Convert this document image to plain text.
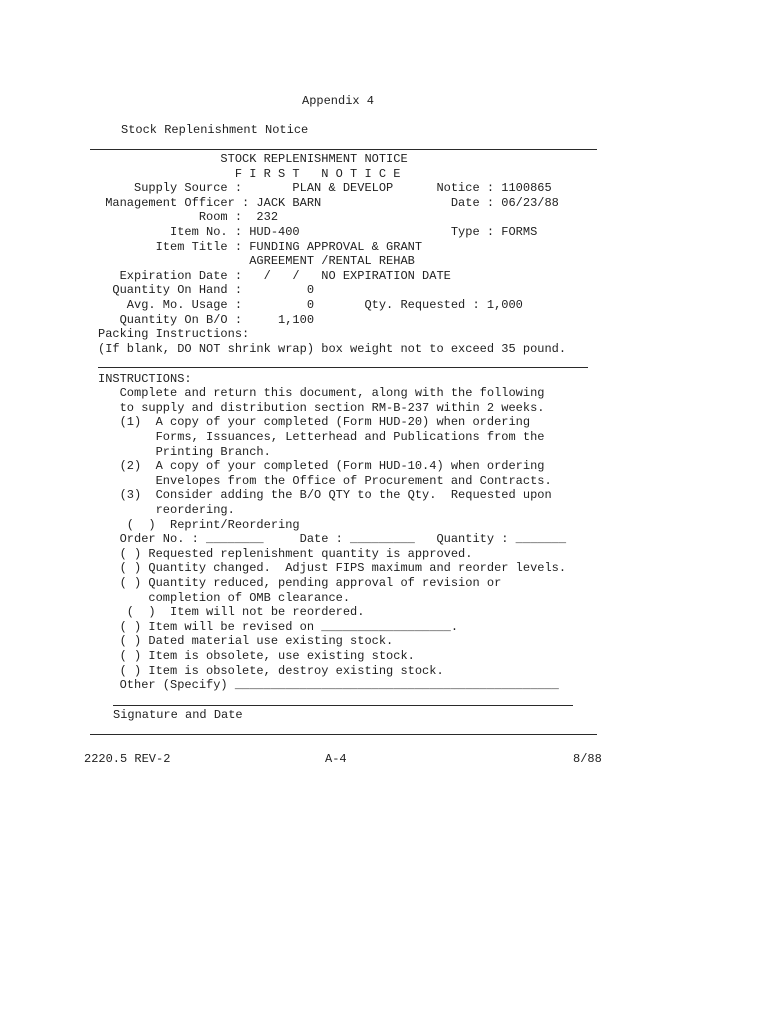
Appendix 4

Stock Replenishment Notice

STOCK REPLENISHMENT NOTICE

F I R S T   N O T I C E

Supply Source :       PLAN & DEVELOP      Notice : 1100865

Management Officer : JACK BARN                  Date : 06/23/88

Room :  232

Item No. : HUD-400                     Type : FORMS

Item Title : FUNDING APPROVAL & GRANT

AGREEMENT /RENTAL REHAB

Expiration Date :   /   /   NO EXPIRATION DATE

Quantity On Hand :         0

Avg. Mo. Usage :         0       Qty. Requested : 1,000

Quantity On B/O :     1,100

Packing Instructions:

(If blank, DO NOT shrink wrap) box weight not to exceed 35 pound.

INSTRUCTIONS:

Complete and return this document, along with the following

to supply and distribution section RM-B-237 within 2 weeks.

(1)  A copy of your completed (Form HUD-20) when ordering

Forms, Issuances, Letterhead and Publications from the

Printing Branch.

(2)  A copy of your completed (Form HUD-10.4) when ordering

Envelopes from the Office of Procurement and Contracts.

(3)  Consider adding the B/O QTY to the Qty.  Requested upon

reordering.

(  )  Reprint/Reordering

Order No. : ________     Date : _________   Quantity : _______

( ) Requested replenishment quantity is approved.

( ) Quantity changed.  Adjust FIPS maximum and reorder levels.

( ) Quantity reduced, pending approval of revision or

completion of OMB clearance.

(  )  Item will not be reordered.

( ) Item will be revised on __________________.

( ) Dated material use existing stock.

( ) Item is obsolete, use existing stock.

( ) Item is obsolete, destroy existing stock.

Other (Specify) _____________________________________________

Signature and Date

2220.5 REV-2	A-4	8/88
